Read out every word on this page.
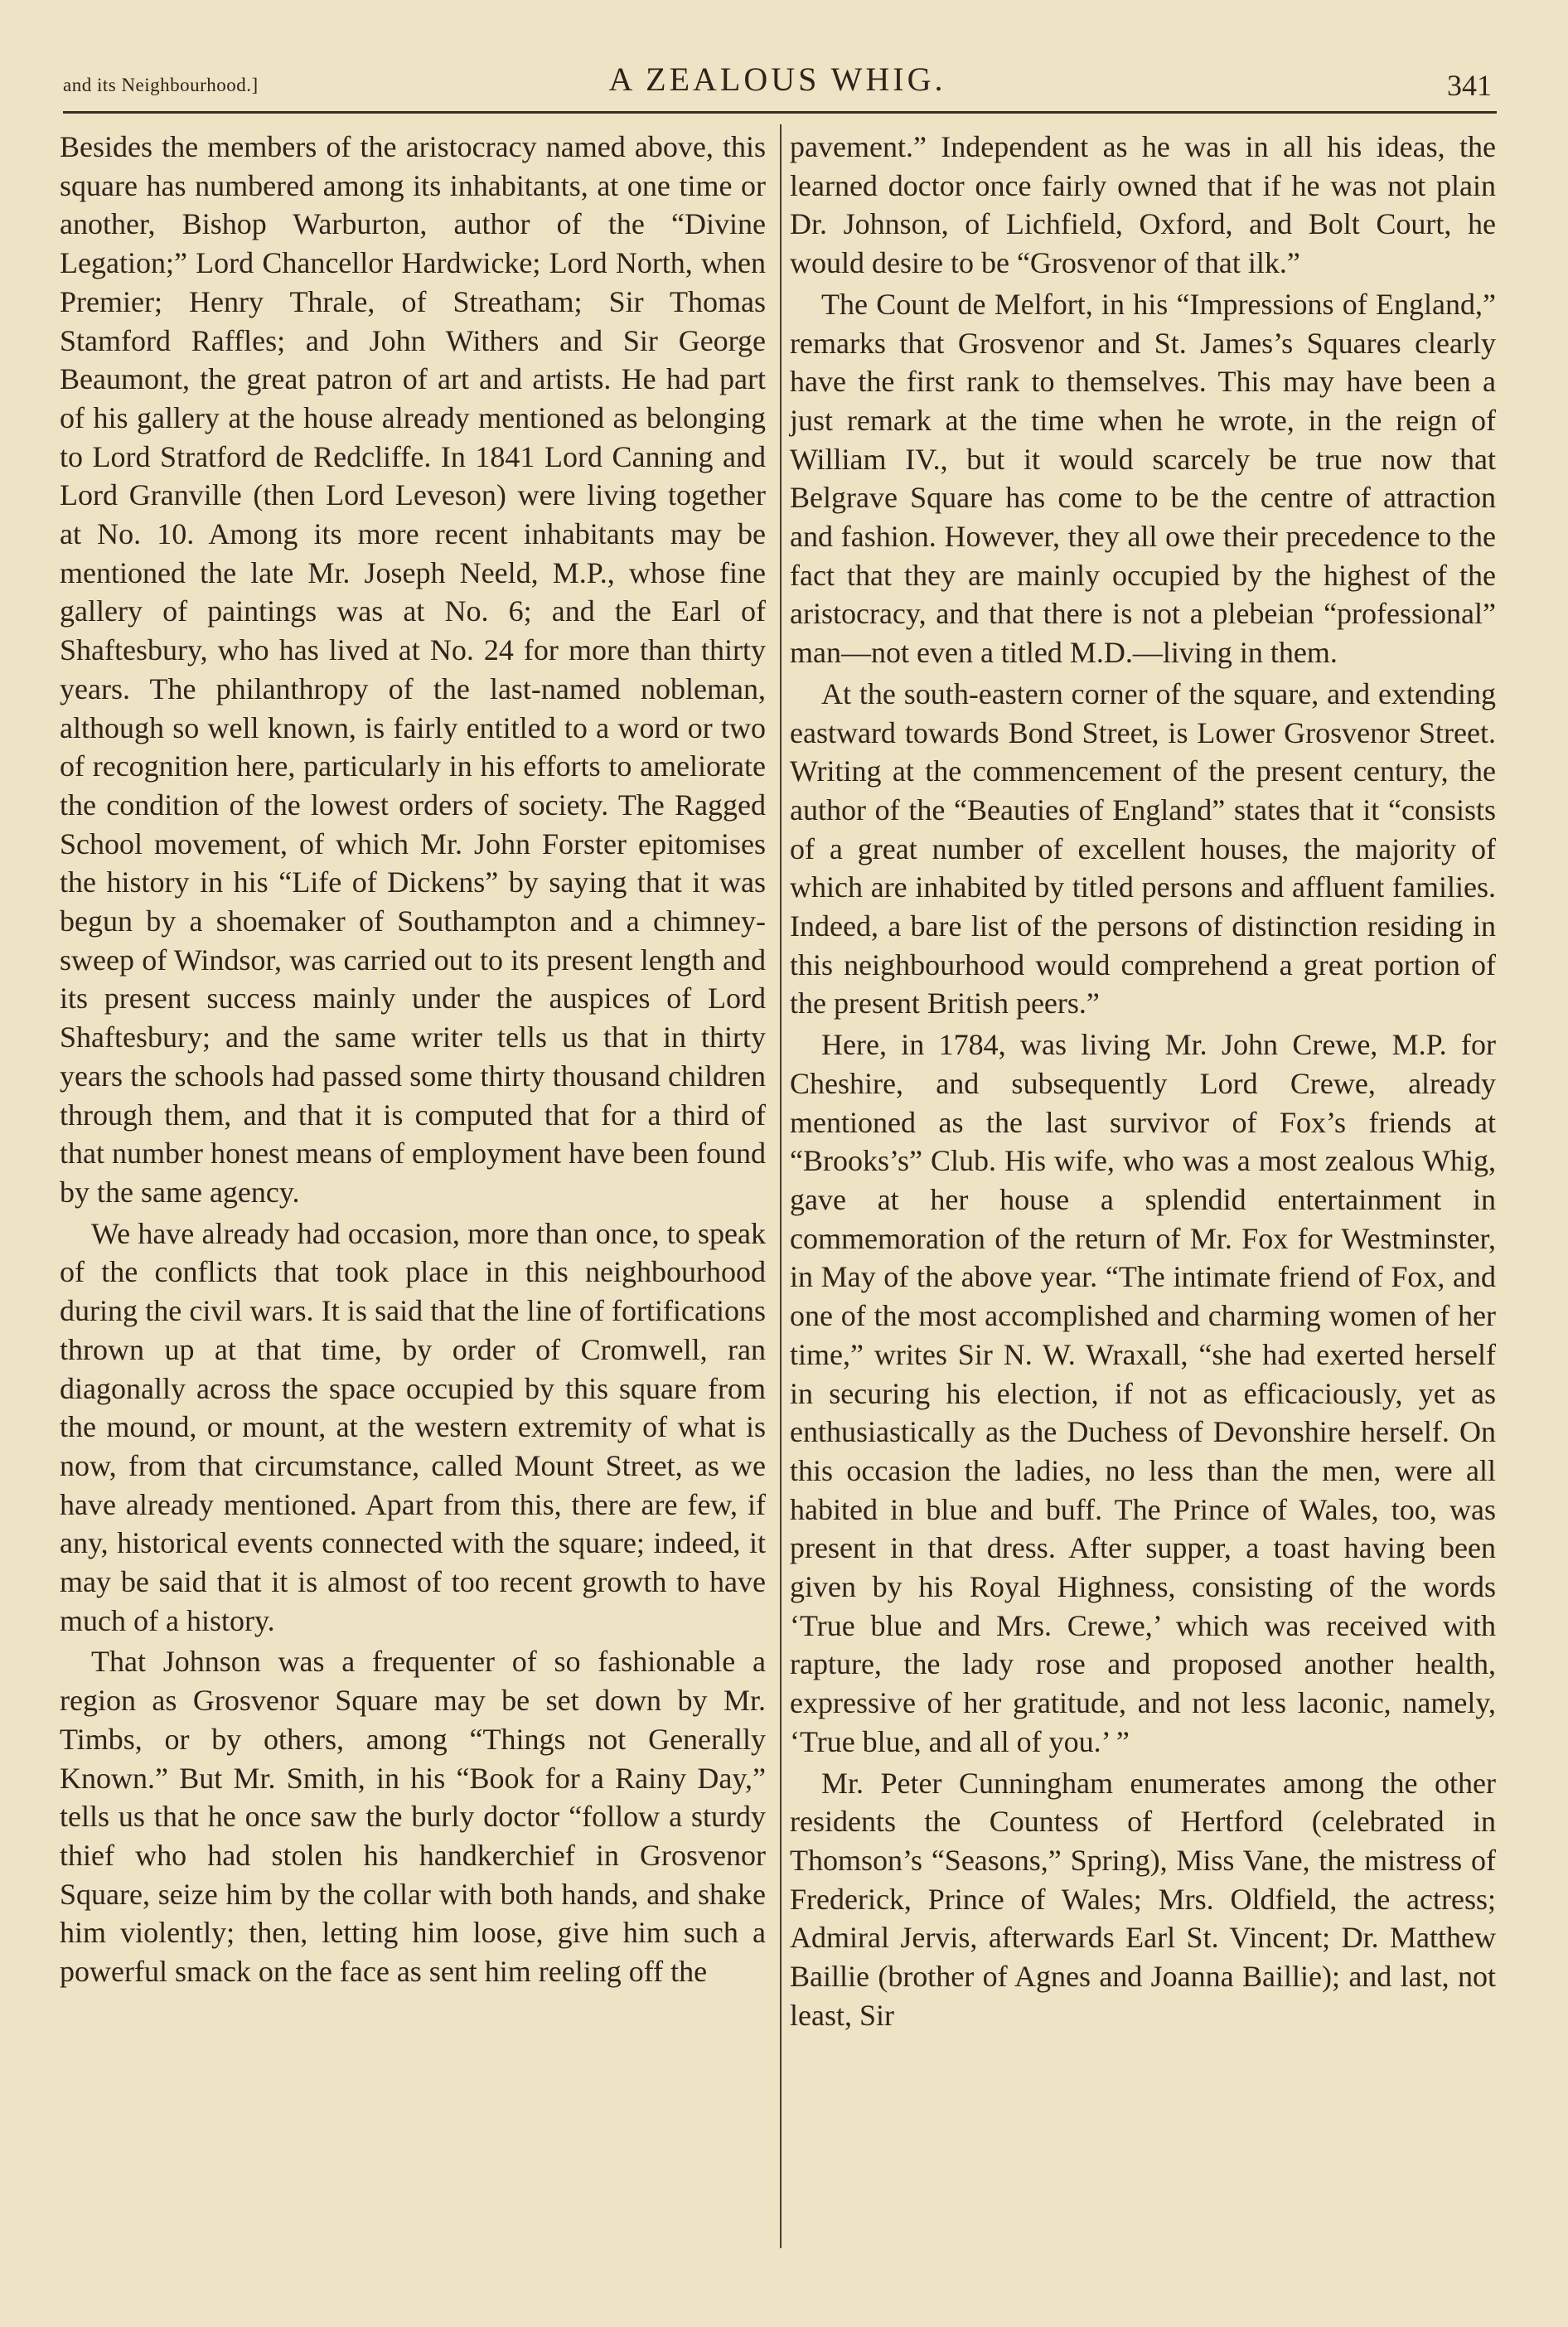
and its Neighbourhood.]	A ZEALOUS WHIG.	341

Besides the members of the aristocracy named above, this square has numbered among its inhabitants, at one time or another, Bishop Warburton, author of the “Divine Legation;” Lord Chancellor Hardwicke; Lord North, when Premier; Henry Thrale, of Streatham; Sir Thomas Stamford Raffles; and John Withers and Sir George Beaumont, the great patron of art and artists. He had part of his gallery at the house already mentioned as belonging to Lord Stratford de Redcliffe. In 1841 Lord Canning and Lord Granville (then Lord Leveson) were living together at No. 10. Among its more recent inhabitants may be mentioned the late Mr. Joseph Neeld, M.P., whose fine gallery of paintings was at No. 6; and the Earl of Shaftesbury, who has lived at No. 24 for more than thirty years. The philanthropy of the last-named nobleman, although so well known, is fairly entitled to a word or two of recognition here, particularly in his efforts to ameliorate the condition of the lowest orders of society. The Ragged School movement, of which Mr. John Forster epitomises the history in his “Life of Dickens” by saying that it was begun by a shoemaker of Southampton and a chimney-sweep of Windsor, was carried out to its present length and its present success mainly under the auspices of Lord Shaftesbury; and the same writer tells us that in thirty years the schools had passed some thirty thousand children through them, and that it is computed that for a third of that number honest means of employment have been found by the same agency.

We have already had occasion, more than once, to speak of the conflicts that took place in this neighbourhood during the civil wars. It is said that the line of fortifications thrown up at that time, by order of Cromwell, ran diagonally across the space occupied by this square from the mound, or mount, at the western extremity of what is now, from that circumstance, called Mount Street, as we have already mentioned. Apart from this, there are few, if any, historical events connected with the square; indeed, it may be said that it is almost of too recent growth to have much of a history.

That Johnson was a frequenter of so fashionable a region as Grosvenor Square may be set down by Mr. Timbs, or by others, among “Things not Generally Known.” But Mr. Smith, in his “Book for a Rainy Day,” tells us that he once saw the burly doctor “follow a sturdy thief who had stolen his handkerchief in Grosvenor Square, seize him by the collar with both hands, and shake him violently; then, letting him loose, give him such a powerful smack on the face as sent him reeling off the

pavement.” Independent as he was in all his ideas, the learned doctor once fairly owned that if he was not plain Dr. Johnson, of Lichfield, Oxford, and Bolt Court, he would desire to be “Grosvenor of that ilk.”

The Count de Melfort, in his “Impressions of England,” remarks that Grosvenor and St. James’s Squares clearly have the first rank to themselves. This may have been a just remark at the time when he wrote, in the reign of William IV., but it would scarcely be true now that Belgrave Square has come to be the centre of attraction and fashion. However, they all owe their precedence to the fact that they are mainly occupied by the highest of the aristocracy, and that there is not a plebeian “professional” man—not even a titled M.D.—living in them.

At the south-eastern corner of the square, and extending eastward towards Bond Street, is Lower Grosvenor Street. Writing at the commencement of the present century, the author of the “Beauties of England” states that it “consists of a great number of excellent houses, the majority of which are inhabited by titled persons and affluent families. Indeed, a bare list of the persons of distinction residing in this neighbourhood would comprehend a great portion of the present British peers.”

Here, in 1784, was living Mr. John Crewe, M.P. for Cheshire, and subsequently Lord Crewe, already mentioned as the last survivor of Fox’s friends at “Brooks’s” Club. His wife, who was a most zealous Whig, gave at her house a splendid entertainment in commemoration of the return of Mr. Fox for Westminster, in May of the above year. “The intimate friend of Fox, and one of the most accomplished and charming women of her time,” writes Sir N. W. Wraxall, “she had exerted herself in securing his election, if not as efficaciously, yet as enthusiastically as the Duchess of Devonshire herself. On this occasion the ladies, no less than the men, were all habited in blue and buff. The Prince of Wales, too, was present in that dress. After supper, a toast having been given by his Royal Highness, consisting of the words ‘True blue and Mrs. Crewe,’ which was received with rapture, the lady rose and proposed another health, expressive of her gratitude, and not less laconic, namely, ‘True blue, and all of you.’ ”

Mr. Peter Cunningham enumerates among the other residents the Countess of Hertford (celebrated in Thomson’s “Seasons,” Spring), Miss Vane, the mistress of Frederick, Prince of Wales; Mrs. Oldfield, the actress; Admiral Jervis, afterwards Earl St. Vincent; Dr. Matthew Baillie (brother of Agnes and Joanna Baillie); and last, not least, Sir
